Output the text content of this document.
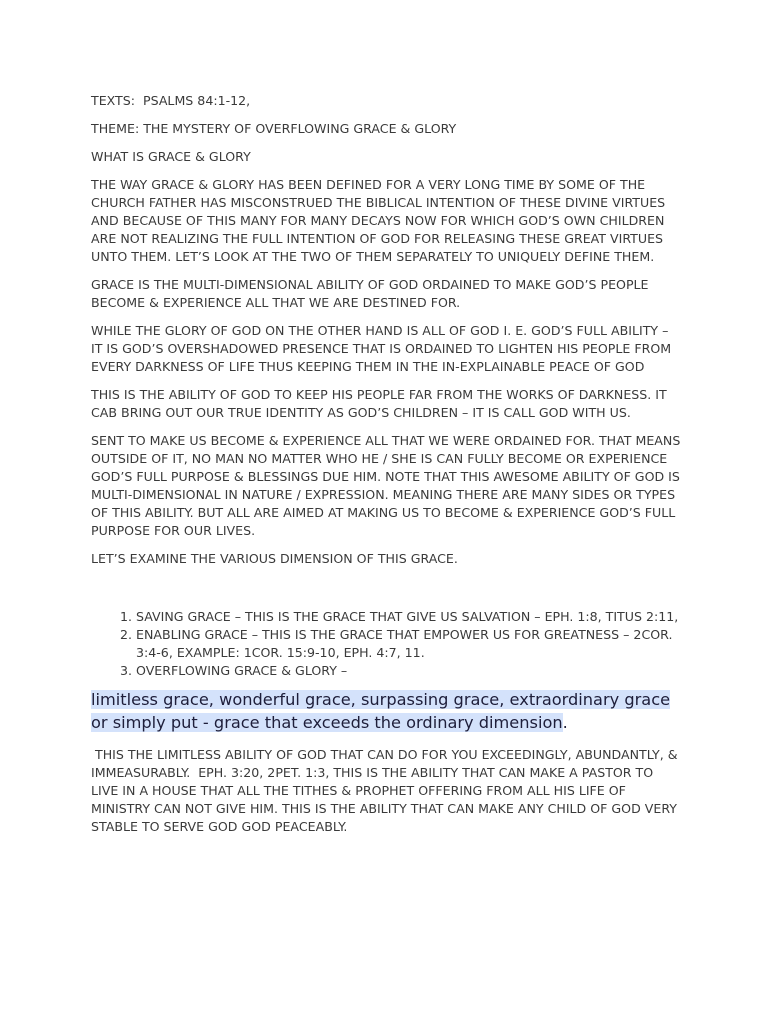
TEXTS:  PSALMS 84:1-12,

THEME: THE MYSTERY OF OVERFLOWING GRACE & GLORY

WHAT IS GRACE & GLORY

THE WAY GRACE & GLORY HAS BEEN DEFINED FOR A VERY LONG TIME BY SOME OF THE CHURCH FATHER HAS MISCONSTRUED THE BIBLICAL INTENTION OF THESE DIVINE VIRTUES AND BECAUSE OF THIS MANY FOR MANY DECAYS NOW FOR WHICH GOD’S OWN CHILDREN ARE NOT REALIZING THE FULL INTENTION OF GOD FOR RELEASING THESE GREAT VIRTUES UNTO THEM. LET’S LOOK AT THE TWO OF THEM SEPARATELY TO UNIQUELY DEFINE THEM.

GRACE IS THE MULTI-DIMENSIONAL ABILITY OF GOD ORDAINED TO MAKE GOD’S PEOPLE BECOME & EXPERIENCE ALL THAT WE ARE DESTINED FOR.

WHILE THE GLORY OF GOD ON THE OTHER HAND IS ALL OF GOD I. E. GOD’S FULL ABILITY – IT IS GOD’S OVERSHADOWED PRESENCE THAT IS ORDAINED TO LIGHTEN HIS PEOPLE FROM EVERY DARKNESS OF LIFE THUS KEEPING THEM IN THE IN-EXPLAINABLE PEACE OF GOD

THIS IS THE ABILITY OF GOD TO KEEP HIS PEOPLE FAR FROM THE WORKS OF DARKNESS. IT CAB BRING OUT OUR TRUE IDENTITY AS GOD’S CHILDREN – IT IS CALL GOD WITH US.

SENT TO MAKE US BECOME & EXPERIENCE ALL THAT WE WERE ORDAINED FOR. THAT MEANS OUTSIDE OF IT, NO MAN NO MATTER WHO HE / SHE IS CAN FULLY BECOME OR EXPERIENCE GOD’S FULL PURPOSE & BLESSINGS DUE HIM. NOTE THAT THIS AWESOME ABILITY OF GOD IS MULTI-DIMENSIONAL IN NATURE / EXPRESSION. MEANING THERE ARE MANY SIDES OR TYPES OF THIS ABILITY. BUT ALL ARE AIMED AT MAKING US TO BECOME & EXPERIENCE GOD’S FULL PURPOSE FOR OUR LIVES.

LET’S EXAMINE THE VARIOUS DIMENSION OF THIS GRACE.

1. SAVING GRACE – THIS IS THE GRACE THAT GIVE US SALVATION – EPH. 1:8, TITUS 2:11,
2. ENABLING GRACE – THIS IS THE GRACE THAT EMPOWER US FOR GREATNESS – 2COR. 3:4-6, EXAMPLE: 1COR. 15:9-10, EPH. 4:7, 11.
3. OVERFLOWING GRACE & GLORY –

limitless grace, wonderful grace, surpassing grace, extraordinary grace or simply put - grace that exceeds the ordinary dimension.

THIS THE LIMITLESS ABILITY OF GOD THAT CAN DO FOR YOU EXCEEDINGLY, ABUNDANTLY, & IMMEASURABLY.  EPH. 3:20, 2PET. 1:3, THIS IS THE ABILITY THAT CAN MAKE A PASTOR TO LIVE IN A HOUSE THAT ALL THE TITHES & PROPHET OFFERING FROM ALL HIS LIFE OF MINISTRY CAN NOT GIVE HIM. THIS IS THE ABILITY THAT CAN MAKE ANY CHILD OF GOD VERY STABLE TO SERVE GOD GOD PEACEABLY.
